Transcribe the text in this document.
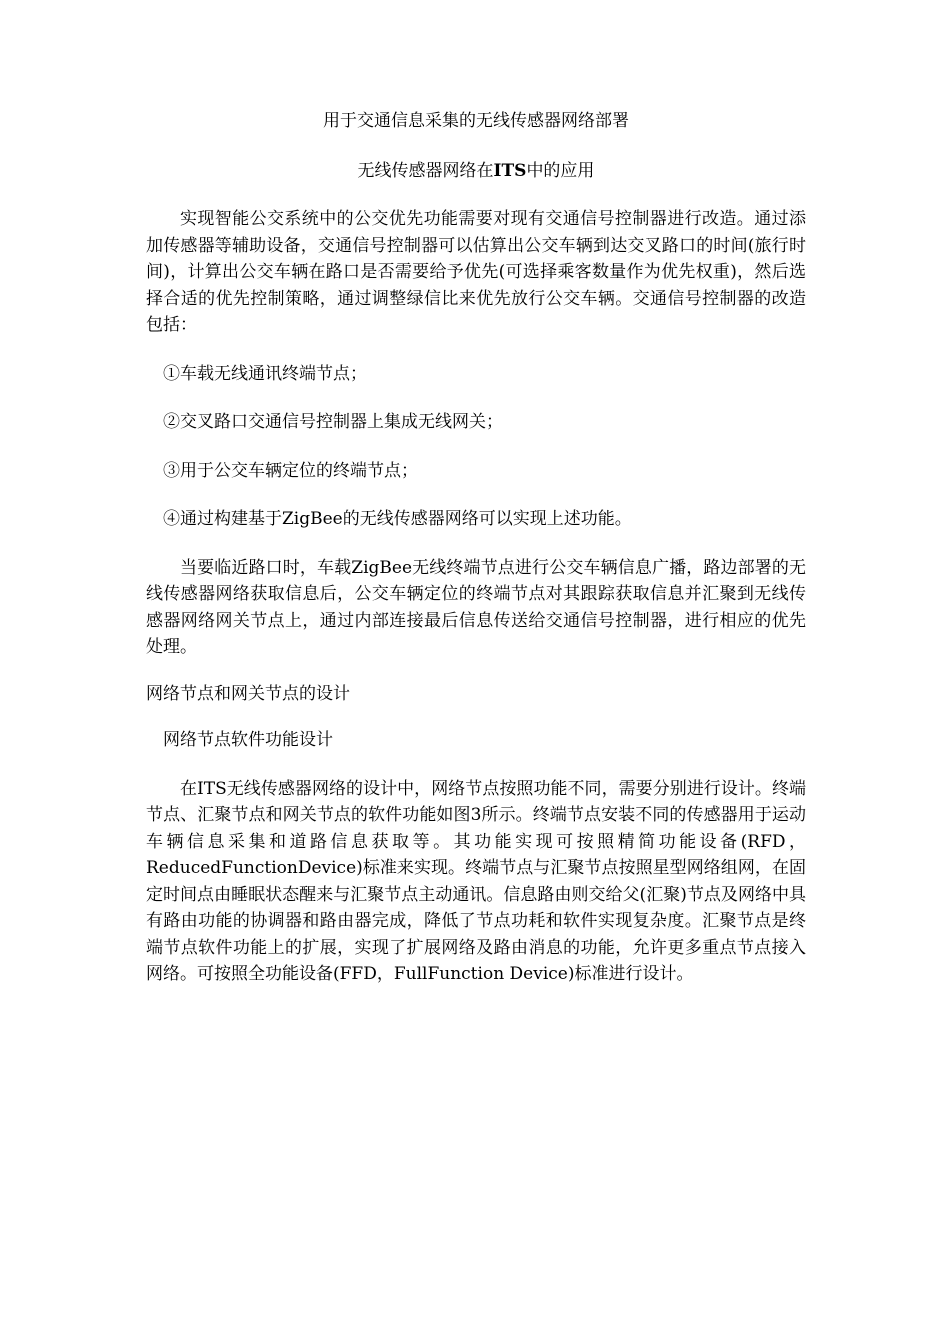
用于交通信息采集的无线传感器网络部署
无线传感器网络在ITS中的应用

实现智能公交系统中的公交优先功能需要对现有交通信号控制器进行改造。通过添加传感器等辅助设备，交通信号控制器可以估算出公交车辆到达交叉路口的时间(旅行时间)，计算出公交车辆在路口是否需要给予优先(可选择乘客数量作为优先权重)，然后选择合适的优先控制策略，通过调整绿信比来优先放行公交车辆。交通信号控制器的改造包括：

①车载无线通讯终端节点；

②交叉路口交通信号控制器上集成无线网关；

③用于公交车辆定位的终端节点；

④通过构建基于ZigBee的无线传感器网络可以实现上述功能。

当要临近路口时，车载ZigBee无线终端节点进行公交车辆信息广播，路边部署的无线传感器网络获取信息后，公交车辆定位的终端节点对其跟踪获取信息并汇聚到无线传感器网络网关节点上，通过内部连接最后信息传送给交通信号控制器，进行相应的优先处理。

网络节点和网关节点的设计

网络节点软件功能设计

在ITS无线传感器网络的设计中，网络节点按照功能不同，需要分别进行设计。终端节点、汇聚节点和网关节点的软件功能如图3所示。终端节点安装不同的传感器用于运动车辆信息采集和道路信息获取等。其功能实现可按照精简功能设备(RFD，ReducedFunctionDevice)标准来实现。终端节点与汇聚节点按照星型网络组网，在固定时间点由睡眠状态醒来与汇聚节点主动通讯。信息路由则交给父(汇聚)节点及网络中具有路由功能的协调器和路由器完成，降低了节点功耗和软件实现复杂度。汇聚节点是终端节点软件功能上的扩展，实现了扩展网络及路由消息的功能，允许更多重点节点接入网络。可按照全功能设备(FFD，FullFunction Device)标准进行设计。
